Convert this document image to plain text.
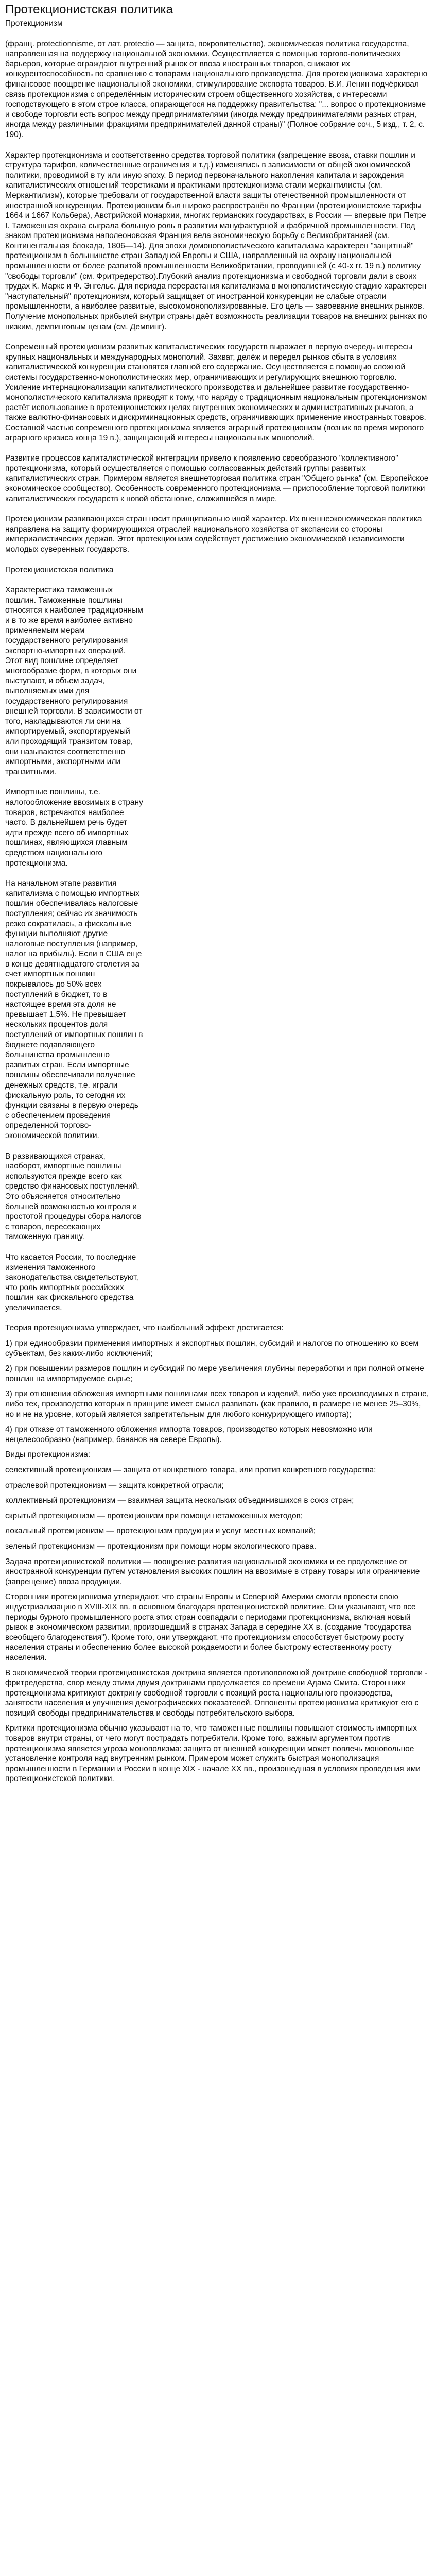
Протекционистская политика
Протекционизм

(франц. protectionnisme, от лат. protectio — защита, покровительство), экономическая политика государства, направленная на поддержку национальной экономики. Осуществляется с помощью торгово-политических барьеров, которые ограждают внутренний рынок от ввоза иностранных товаров, снижают их конкурентоспособность по сравнению с товарами национального производства. Для протекционизма характерно финансовое поощрение национальной экономики, стимулирование экспорта товаров. В.И. Ленин подчёркивал связь протекционизма с определённым историческим строем общественного хозяйства, с интересами господствующего в этом строе класса, опирающегося на поддержку правительства: "... вопрос о протекционизме и свободе торговли есть вопрос между предпринимателями (иногда между предпринимателями разных стран, иногда между различными фракциями предпринимателей данной страны)" (Полное собрание соч., 5 изд., т. 2, с. 190).

Характер протекционизма и соответственно средства торговой политики (запрещение ввоза, ставки пошлин и структура тарифов, количественные ограничения и т.д.) изменялись в зависимости от общей экономической политики, проводимой в ту или иную эпоху. В период первоначального накопления капитала и зарождения капиталистических отношений теоретиками и практиками протекционизма стали меркантилисты (см. Меркантилизм), которые требовали от государственной власти защиты отечественной промышленности от иностранной конкуренции. Протекционизм был широко распространён во Франции (протекционистские тарифы 1664 и 1667 Кольбера), Австрийской монархии, многих германских государствах, в России — впервые при Петре I. Таможенная охрана сыграла большую роль в развитии мануфактурной и фабричной промышленности. Под знаком протекционизма наполеоновская Франция вела экономическую борьбу с Великобританией (см. Континентальная блокада, 1806—14). Для эпохи домонополистического капитализма характерен "защитный" протекционизм в большинстве стран Западной Европы и США, направленный на охрану национальной промышленности от более развитой промышленности Великобритании, проводившей (с 40-х гг. 19 в.) политику "свободы торговли" (см. Фритредерство).Глубокий анализ протекционизма и свободной торговли дали в своих трудах К. Маркс и Ф. Энгельс. Для периода перерастания капитализма в монополистическую стадию характерен "наступательный" протекционизм, который защищает от иностранной конкуренции не слабые отрасли промышленности, а наиболее развитые, высокомонополизированные. Его цель — завоевание внешних рынков. Получение монопольных прибылей внутри страны даёт возможность реализации товаров на внешних рынках по низким, демпинговым ценам (см. Демпинг).

Современный протекционизм развитых капиталистических государств выражает в первую очередь интересы крупных национальных и международных монополий. Захват, делёж и передел рынков сбыта в условиях капиталистической конкуренции становятся главной его содержание. Осуществляется с помощью сложной системы государственно-монополистических мер, ограничивающих и регулирующих внешнюю торговлю. Усиление интернационализации капиталистического производства и дальнейшее развитие государственно-монополистического капитализма приводят к тому, что наряду с традиционным национальным протекционизмом растёт использование в протекционистских целях внутренних экономических и административных рычагов, а также валютно-финансовых и дискриминационных средств, ограничивающих применение иностранных товаров. Составной частью современного протекционизма является аграрный протекционизм (возник во время мирового аграрного кризиса конца 19 в.), защищающий интересы национальных монополий.

Развитие процессов капиталистической интеграции привело к появлению своеобразного "коллективного" протекционизма, который осуществляется с помощью согласованных действий группы развитых капиталистических стран. Примером является внешнеторговая политика стран "Общего рынка" (см. Европейское экономическое сообщество). Особенность современного протекционизма — приспособление торговой политики капиталистических государств к новой обстановке, сложившейся в мире.

Протекционизм развивающихся стран носит принципиально иной характер. Их внешнеэкономическая политика направлена на защиту формирующихся отраслей национального хозяйства от экспансии со стороны империалистических держав. Этот протекционизм содействует достижению экономической независимости молодых суверенных государств.

Протекционистская политика

Характеристика таможенных пошлин. Таможенные пошлины относятся к наиболее традиционным и в то же время наиболее активно применяемым мерам государственного регулирования экспортно-импортных операций. Этот вид пошлине определяет многообразие форм, в которых они выступают, и объем задач, выполняемых ими для государственного регулирования внешней торговли. В зависимости от того, накладываются ли они на импортируемый, экспортируемый или проходящий транзитом товар, они называются соответственно импортными, экспортными или транзитными.

Импортные пошлины, т.е. налогообложение ввозимых в страну товаров, встречаются наиболее часто. В дальнейшем речь будет идти прежде всего об импортных пошлинах, являющихся главным средством национального протекционизма.

На начальном этапе развития капитализма с помощью импортных пошлин обеспечивалась налоговые поступления; сейчас их значимость резко сократилась, а фискальные функции выполняют другие налоговые поступления (например, налог на прибыль). Если в США еще в конце девятнадцатого столетия за счет импортных пошлин покрывалось до 50% всех поступлений в бюджет, то в настоящее время эта доля не превышает 1,5%. Не превышает нескольких процентов доля поступлений от импортных пошлин в бюджете подавляющего большинства промышленно развитых стран. Если импортные пошлины обеспечивали получение денежных средств, т.е. играли фискальную роль, то сегодня их функции связаны в первую очередь с обеспечением проведения определенной торгово-экономической политики.

В развивающихся странах, наоборот, импортные пошлины используются прежде всего как средство финансовых поступлений. Это объясняется относительно большей возможностью контроля и простотой процедуры сбора налогов с товаров, пересекающих таможенную границу.

Что касается России, то последние изменения таможенного законодательства свидетельствуют, что роль импортных российских пошлин как фискального средства увеличивается.

Теория протекционизма утверждает, что наибольший эффект достигается:

1) при единообразии применения импортных и экспортных пошлин, субсидий и налогов по отношению ко всем субъектам, без каких-либо исключений;

2) при повышении размеров пошлин и субсидий по мере увеличения глубины переработки и при полной отмене пошлин на импортируемое сырье;

3) при отношении обложения импортными пошлинами всех товаров и изделий, либо уже производимых в стране, либо тех, производство которых в принципе имеет смысл развивать (как правило, в размере не менее 25–30%, но и не на уровне, который является запретительным для любого конкурирующего импорта);

4) при отказе от таможенного обложения импорта товаров, производство которых невозможно или нецелесообразно (например, бананов на севере Европы).

Виды протекционизма:

селективный протекционизм — защита от конкретного товара, или против конкретного государства;

отраслевой протекционизм — защита конкретной отрасли;

коллективный протекционизм — взаимная защита нескольких объединившихся в союз стран;

скрытый протекционизм — протекционизм при помощи нетаможенных методов;

локальный протекционизм — протекционизм продукции и услуг местных компаний;

зеленый протекционизм — протекционизм при помощи норм экологического права.

Задача протекционистской политики — поощрение развития национальной экономики и ее продолжение от иностранной конкуренции путем установления высоких пошлин на ввозимые в страну товары или ограничение (запрещение) ввоза продукции.

Сторонники протекционизма утверждают, что страны Европы и Северной Америки смогли провести свою индустриализацию в XVIII-XIX вв. в основном благодаря протекционистской политике. Они указывают, что все периоды бурного промышленного роста этих стран совпадали с периодами протекционизма, включая новый рывок в экономическом развитии, произошедший в странах Запада в середине XX в. (создание "государства всеобщего благоденствия"). Кроме того, они утверждают, что протекционизм способствует быстрому росту населения страны и обеспечению более высокой рождаемости и более быстрому естественному росту населения.

В экономической теории протекционистская доктрина является противоположной доктрине свободной торговли - фритредерства, спор между этими двумя доктринами продолжается со времени Адама Смита. Сторонники протекционизма критикуют доктрину свободной торговли с позиций роста национального производства, занятости населения и улучшения демографических показателей. Оппоненты протекционизма критикуют его с позиций свободы предпринимательства и свободы потребительского выбора.

Критики протекционизма обычно указывают на то, что таможенные пошлины повышают стоимость импортных товаров внутри страны, от чего могут пострадать потребители. Кроме того, важным аргументом против протекционизма является угроза монополизма: защита от внешней конкуренции может повлечь монопольное установление контроля над внутренним рынком. Примером может служить быстрая монополизация промышленности в Германии и России в конце XIX - начале XX вв., произошедшая в условиях проведения ими протекционистской политики.
